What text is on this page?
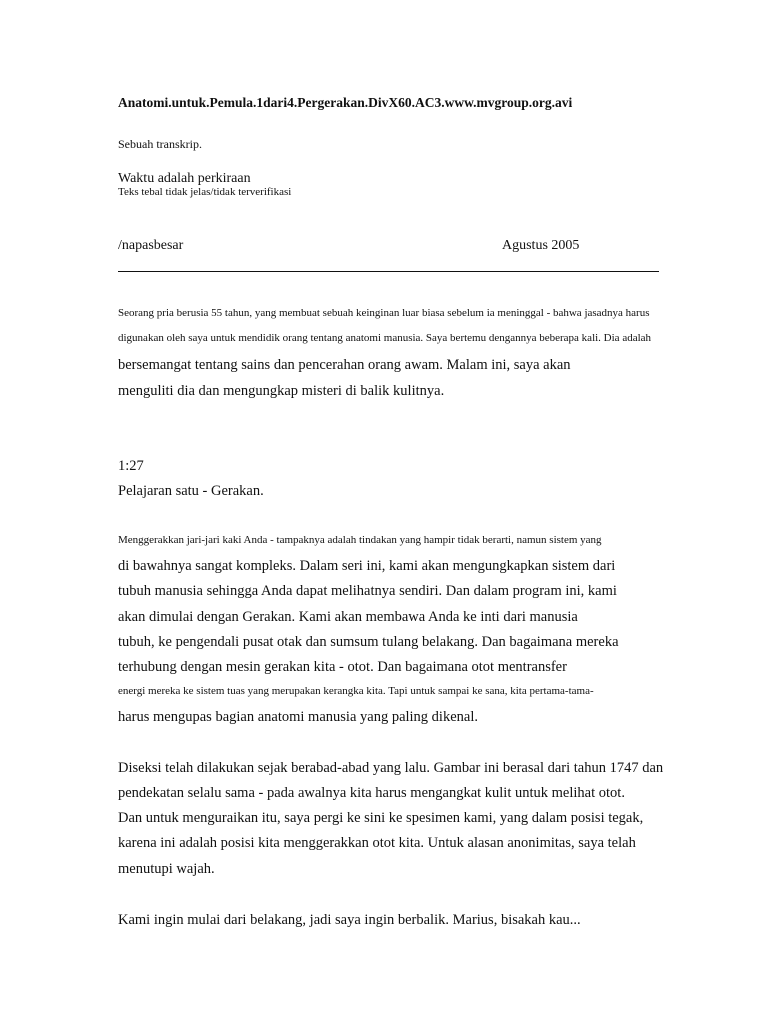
Anatomi.untuk.Pemula.1dari4.Pergerakan.DivX60.AC3.www.mvgroup.org.avi
Sebuah transkrip.
Waktu adalah perkiraan
Teks tebal tidak jelas/tidak terverifikasi
/napasbesar	Agustus 2005
Seorang pria berusia 55 tahun, yang membuat sebuah keinginan luar biasa sebelum ia meninggal - bahwa jasadnya harus
digunakan oleh saya untuk mendidik orang tentang anatomi manusia. Saya bertemu dengannya beberapa kali. Dia adalah
bersemangat tentang sains dan pencerahan orang awam. Malam ini, saya akan
menguliti dia dan mengungkap misteri di balik kulitnya.
1:27
Pelajaran satu - Gerakan.
Menggerakkan jari-jari kaki Anda - tampaknya adalah tindakan yang hampir tidak berarti, namun sistem yang
di bawahnya sangat kompleks. Dalam seri ini, kami akan mengungkapkan sistem dari
tubuh manusia sehingga Anda dapat melihatnya sendiri. Dan dalam program ini, kami
akan dimulai dengan Gerakan. Kami akan membawa Anda ke inti dari manusia
tubuh, ke pengendali pusat otak dan sumsum tulang belakang. Dan bagaimana mereka
terhubung dengan mesin gerakan kita - otot. Dan bagaimana otot mentransfer
energi mereka ke sistem tuas yang merupakan kerangka kita. Tapi untuk sampai ke sana, kita pertama-tama-
harus mengupas bagian anatomi manusia yang paling dikenal.
Diseksi telah dilakukan sejak berabad-abad yang lalu. Gambar ini berasal dari tahun 1747 dan
pendekatan selalu sama - pada awalnya kita harus mengangkat kulit untuk melihat otot.
Dan untuk menguraikan itu, saya pergi ke sini ke spesimen kami, yang dalam posisi tegak,
karena ini adalah posisi kita menggerakkan otot kita. Untuk alasan anonimitas, saya telah
menutupi wajah.
Kami ingin mulai dari belakang, jadi saya ingin berbalik. Marius, bisakah kau...
